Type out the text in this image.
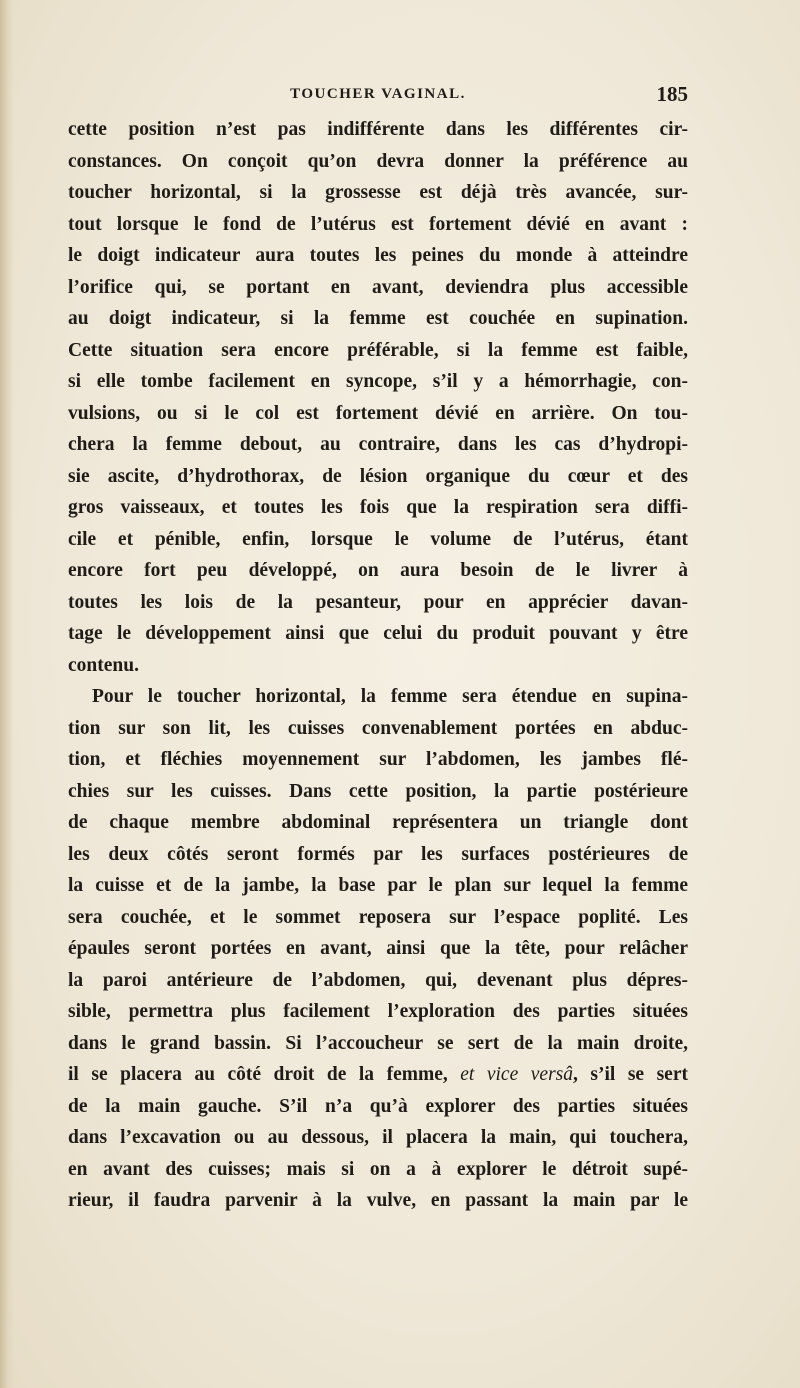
TOUCHER VAGINAL.	185
cette position n’est pas indifférente dans les différentes cir-
constances. On conçoit qu’on devra donner la préférence au
toucher horizontal, si la grossesse est déjà très avancée, sur-
tout lorsque le fond de l’utérus est fortement dévié en avant :
le doigt indicateur aura toutes les peines du monde à atteindre
l’orifice qui, se portant en avant, deviendra plus accessible
au doigt indicateur, si la femme est couchée en supination.
Cette situation sera encore préférable, si la femme est faible,
si elle tombe facilement en syncope, s’il y a hémorrhagie, con-
vulsions, ou si le col est fortement dévié en arrière. On tou-
chera la femme debout, au contraire, dans les cas d’hydropi-
sie ascite, d’hydrothorax, de lésion organique du cœur et des
gros vaisseaux, et toutes les fois que la respiration sera diffi-
cile et pénible, enfin, lorsque le volume de l’utérus, étant
encore fort peu développé, on aura besoin de le livrer à
toutes les lois de la pesanteur, pour en apprécier davan-
tage le développement ainsi que celui du produit pouvant y être
contenu.
Pour le toucher horizontal, la femme sera étendue en supina-
tion sur son lit, les cuisses convenablement portées en abduc-
tion, et fléchies moyennement sur l’abdomen, les jambes flé-
chies sur les cuisses. Dans cette position, la partie postérieure
de chaque membre abdominal représentera un triangle dont
les deux côtés seront formés par les surfaces postérieures de
la cuisse et de la jambe, la base par le plan sur lequel la femme
sera couchée, et le sommet reposera sur l’espace poplité. Les
épaules seront portées en avant, ainsi que la tête, pour relâcher
la paroi antérieure de l’abdomen, qui, devenant plus dépres-
sible, permettra plus facilement l’exploration des parties situées
dans le grand bassin. Si l’accoucheur se sert de la main droite,
il se placera au côté droit de la femme, et vice versâ, s’il se sert
de la main gauche. S’il n’a qu’à explorer des parties situées
dans l’excavation ou au dessous, il placera la main, qui touchera,
en avant des cuisses; mais si on a à explorer le détroit supé-
rieur, il faudra parvenir à la vulve, en passant la main par le
